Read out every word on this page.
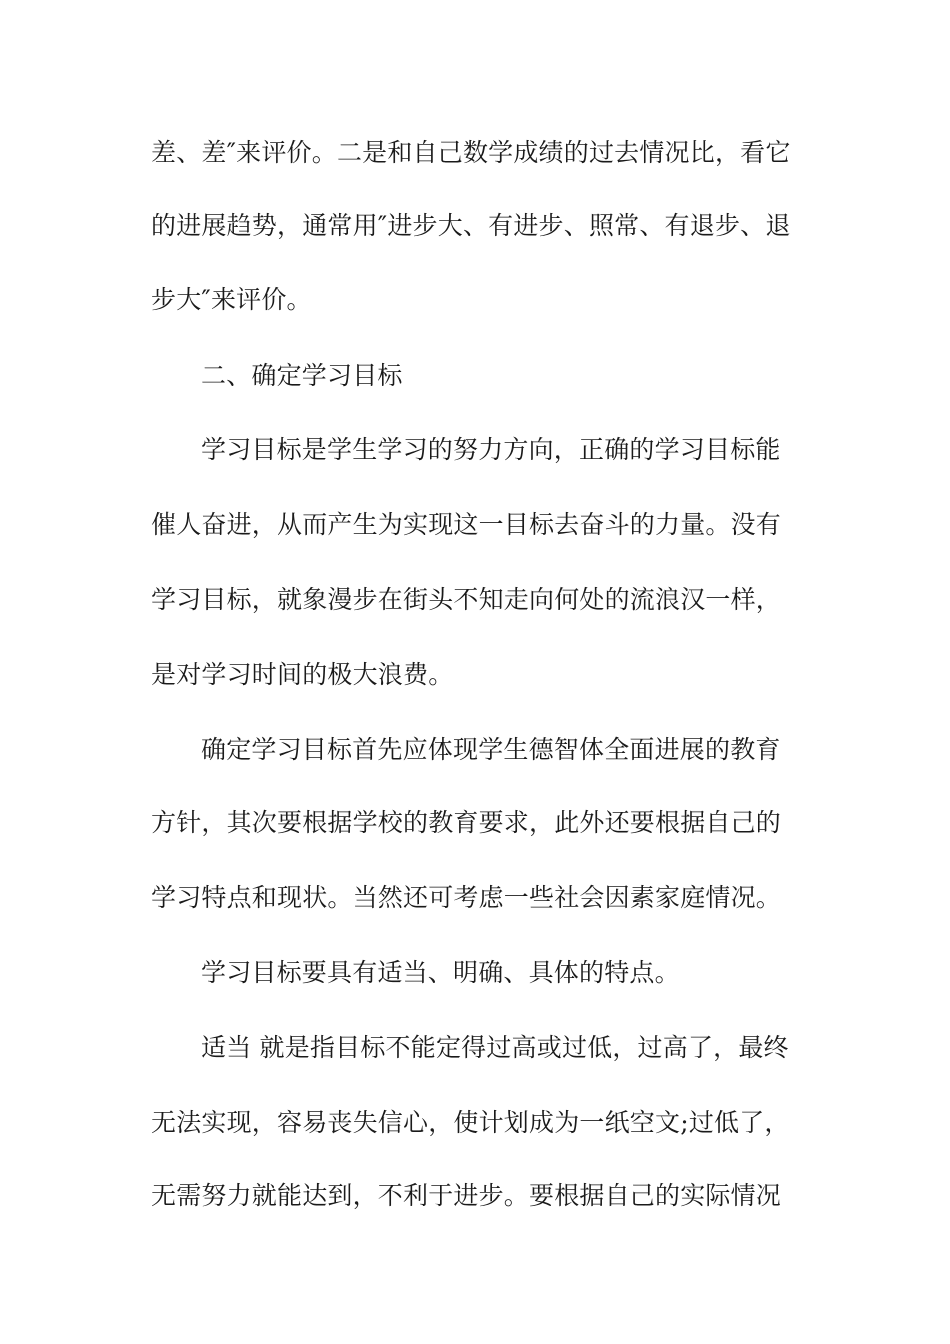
差、差″来评价。二是和自己数学成绩的过去情况比，看它
的进展趋势，通常用″进步大、有进步、照常、有退步、退
步大″来评价。
二、确定学习目标
学习目标是学生学习的努力方向，正确的学习目标能
催人奋进，从而产生为实现这一目标去奋斗的力量。没有
学习目标，就象漫步在街头不知走向何处的流浪汉一样，
是对学习时间的极大浪费。
确定学习目标首先应体现学生德智体全面进展的教育
方针，其次要根据学校的教育要求，此外还要根据自己的
学习特点和现状。当然还可考虑一些社会因素家庭情况。
学习目标要具有适当、明确、具体的特点。
适当 就是指目标不能定得过高或过低，过高了，最终
无法实现，容易丧失信心，使计划成为一纸空文;过低了，
无需努力就能达到，不利于进步。要根据自己的实际情况
